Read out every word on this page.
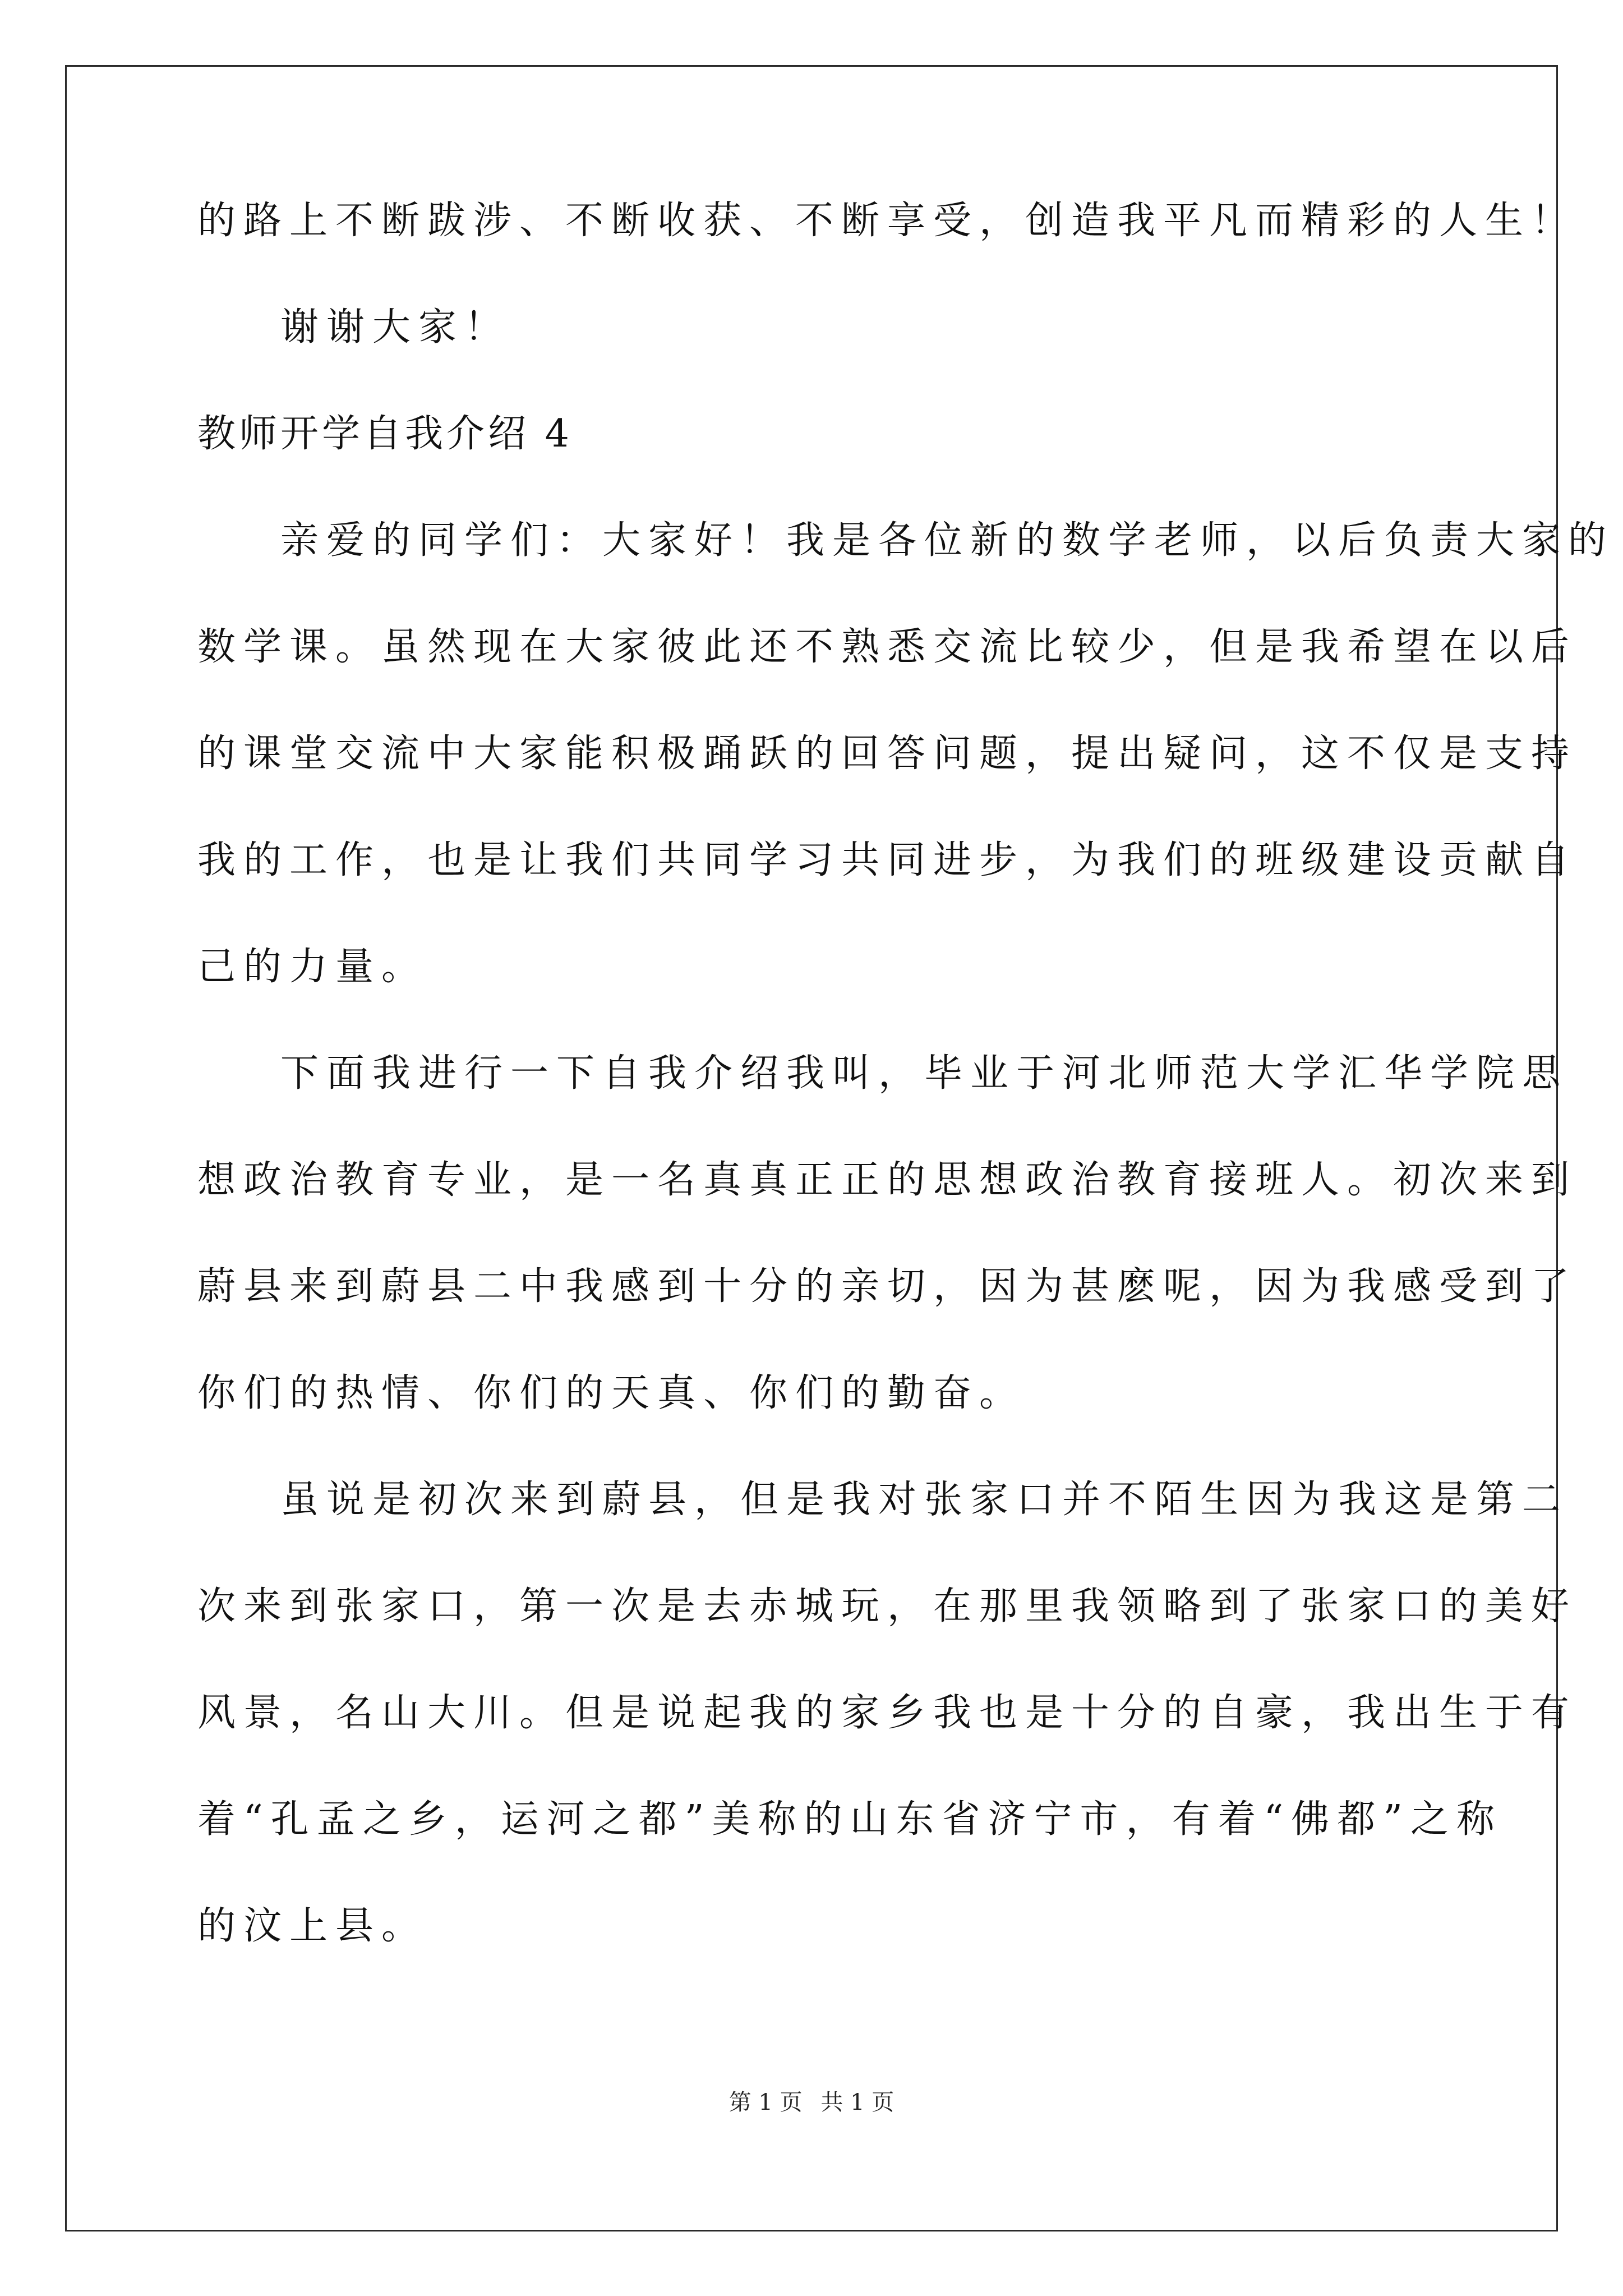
的路上不断跋涉、不断收获、不断享受，创造我平凡而精彩的人生！
谢谢大家！
教师开学自我介绍 4
亲爱的同学们：大家好！我是各位新的数学老师，以后负责大家的
数学课。虽然现在大家彼此还不熟悉交流比较少，但是我希望在以后
的课堂交流中大家能积极踊跃的回答问题，提出疑问，这不仅是支持
我的工作，也是让我们共同学习共同进步，为我们的班级建设贡献自
己的力量。
下面我进行一下自我介绍我叫，毕业于河北师范大学汇华学院思
想政治教育专业，是一名真真正正的思想政治教育接班人。初次来到
蔚县来到蔚县二中我感到十分的亲切，因为甚麽呢，因为我感受到了
你们的热情、你们的天真、你们的勤奋。
虽说是初次来到蔚县，但是我对张家口并不陌生因为我这是第二
次来到张家口，第一次是去赤城玩，在那里我领略到了张家口的美好
风景，名山大川。但是说起我的家乡我也是十分的自豪，我出生于有
着“孔孟之乡，运河之都”美称的山东省济宁市，有着“佛都”之称
的汶上县。
第 1 页 共 1 页
